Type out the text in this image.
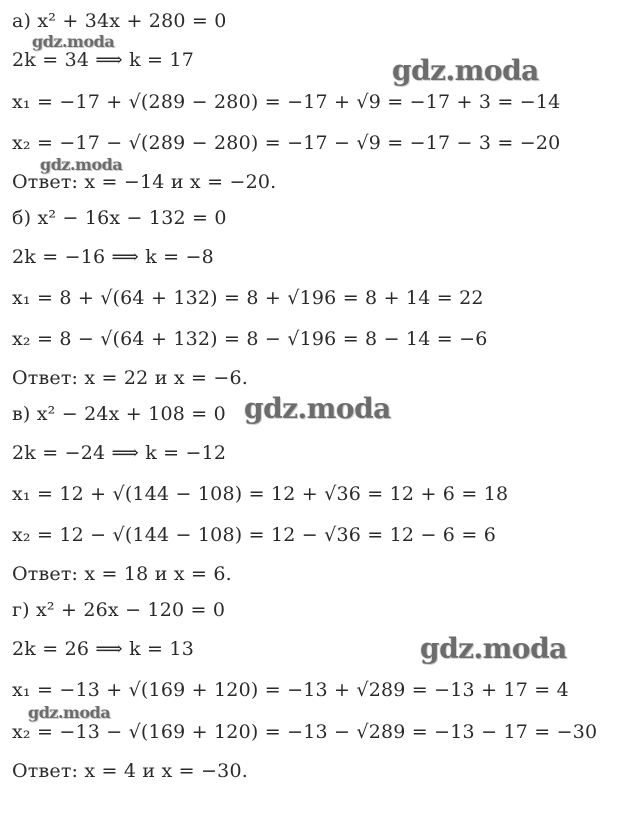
а) x² + 34x + 280 = 0
2k = 34 ⟹ k = 17
x₁ = −17 + √(289 − 280) = −17 + √9 = −17 + 3 = −14
x₂ = −17 − √(289 − 280) = −17 − √9 = −17 − 3 = −20
Ответ: x = −14 и x = −20.
б) x² − 16x − 132 = 0
2k = −16 ⟹ k = −8
x₁ = 8 + √(64 + 132) = 8 + √196 = 8 + 14 = 22
x₂ = 8 − √(64 + 132) = 8 − √196 = 8 − 14 = −6
Ответ: x = 22 и x = −6.
в) x² − 24x + 108 = 0
2k = −24 ⟹ k = −12
x₁ = 12 + √(144 − 108) = 12 + √36 = 12 + 6 = 18
x₂ = 12 − √(144 − 108) = 12 − √36 = 12 − 6 = 6
Ответ: x = 18 и x = 6.
г) x² + 26x − 120 = 0
2k = 26 ⟹ k = 13
x₁ = −13 + √(169 + 120) = −13 + √289 = −13 + 17 = 4
x₂ = −13 − √(169 + 120) = −13 − √289 = −13 − 17 = −30
Ответ: x = 4 и x = −30.
gdz.moda
gdz.moda
gdz.moda
gdz.moda
gdz.moda
gdz.moda
